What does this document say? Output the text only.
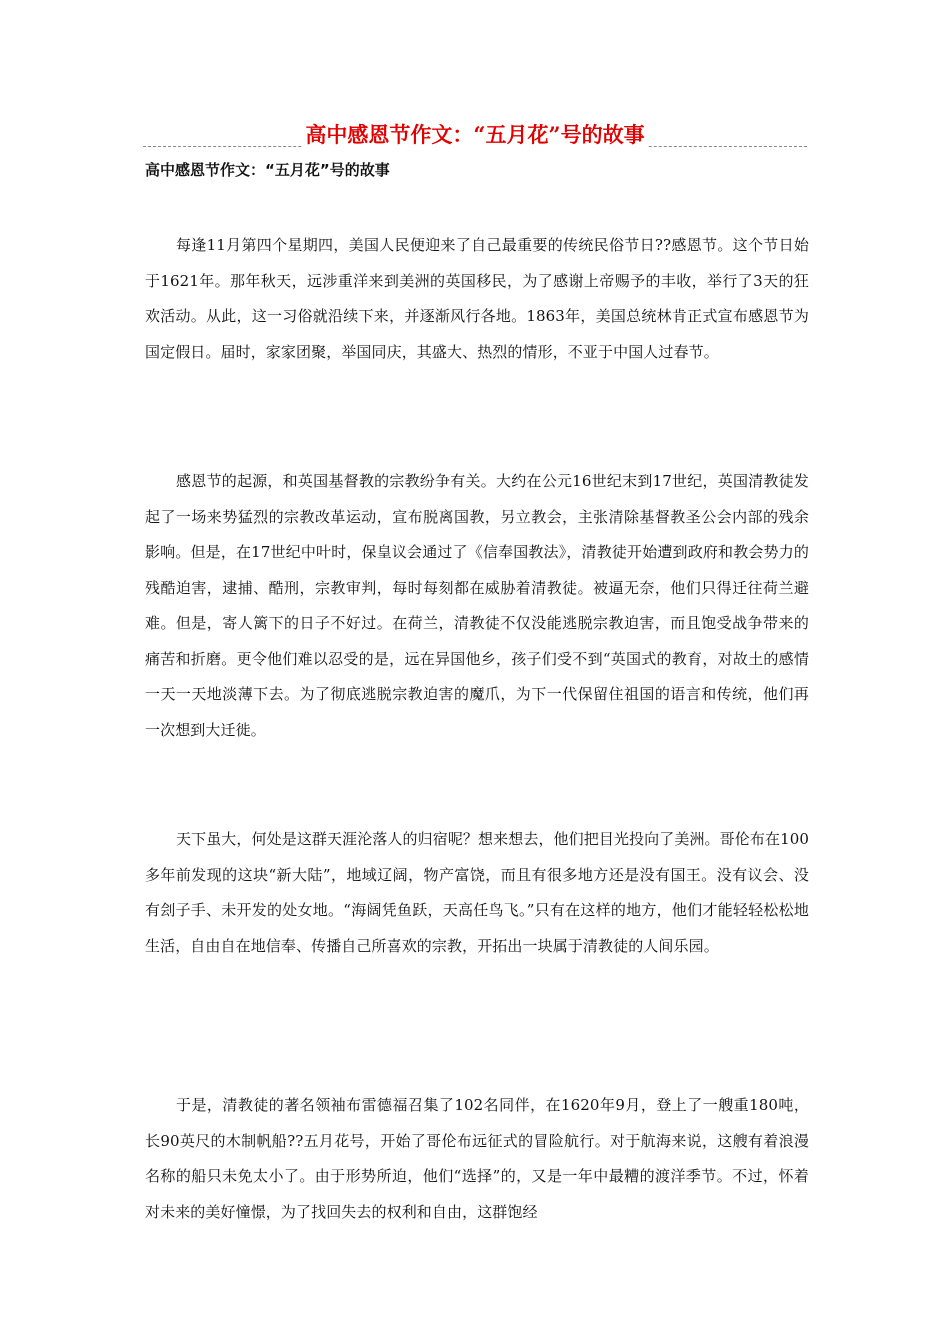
高中感恩节作文：“五月花”号的故事
高中感恩节作文：“五月花”号的故事

每逢11月第四个星期四，美国人民便迎来了自己最重要的传统民俗节日??感恩节。这个节日始于1621年。那年秋天，远涉重洋来到美洲的英国移民，为了感谢上帝赐予的丰收，举行了3天的狂欢活动。从此，这一习俗就沿续下来，并逐渐风行各地。1863年，美国总统林肯正式宣布感恩节为国定假日。届时，家家团聚，举国同庆，其盛大、热烈的情形，不亚于中国人过春节。

感恩节的起源，和英国基督教的宗教纷争有关。大约在公元16世纪末到17世纪，英国清教徒发起了一场来势猛烈的宗教改革运动，宣布脱离国教，另立教会，主张清除基督教圣公会内部的残余影响。但是，在17世纪中叶时，保皇议会通过了《信奉国教法》，清教徒开始遭到政府和教会势力的残酷迫害，逮捕、酷刑，宗教审判，每时每刻都在威胁着清教徒。被逼无奈，他们只得迁往荷兰避难。但是，寄人篱下的日子不好过。在荷兰，清教徒不仅没能逃脱宗教迫害，而且饱受战争带来的痛苦和折磨。更令他们难以忍受的是，远在异国他乡，孩子们受不到“英国式的教育，对故土的感情一天一天地淡薄下去。为了彻底逃脱宗教迫害的魔爪，为下一代保留住祖国的语言和传统，他们再一次想到大迁徙。

天下虽大，何处是这群天涯沦落人的归宿呢？想来想去，他们把目光投向了美洲。哥伦布在100多年前发现的这块“新大陆”，地域辽阔，物产富饶，而且有很多地方还是没有国王。没有议会、没有刽子手、未开发的处女地。“海阔凭鱼跃，天高任鸟飞。”只有在这样的地方，他们才能轻轻松松地生活，自由自在地信奉、传播自己所喜欢的宗教，开拓出一块属于清教徒的人间乐园。

于是，清教徒的著名领袖布雷德福召集了102名同伴，在1620年9月，登上了一艘重180吨，长90英尺的木制帆船??五月花号，开始了哥伦布远征式的冒险航行。对于航海来说，这艘有着浪漫名称的船只未免太小了。由于形势所迫，他们“选择”的，又是一年中最糟的渡洋季节。不过，怀着对未来的美好憧憬，为了找回失去的权利和自由，这群饱经
